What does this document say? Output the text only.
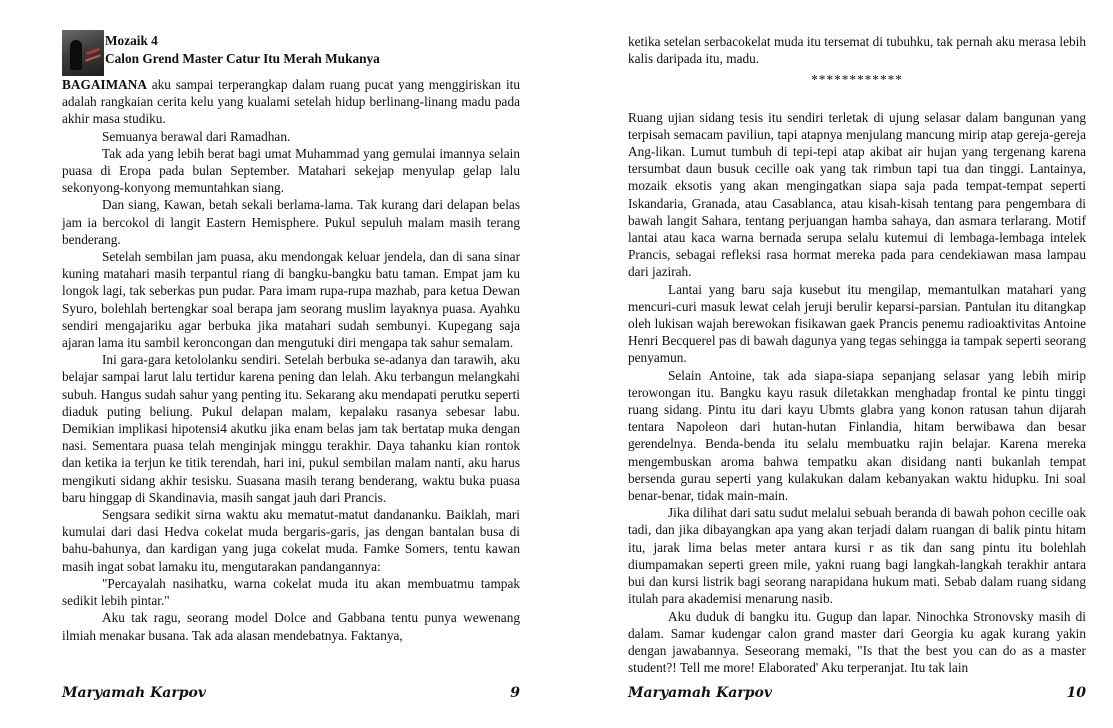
Mozaik 4
Calon Grend Master Catur Itu Merah Mukanya

BAGAIMANA aku sampai terperangkap dalam ruang pucat yang menggiriskan itu adalah rangkaian cerita kelu yang kualami setelah hidup berlinang-linang madu pada akhir masa studiku.

Semuanya berawal dari Ramadhan.

Tak ada yang lebih berat bagi umat Muhammad yang gemulai imannya selain puasa di Eropa pada bulan September. Matahari sekejap menyulap gelap lalu sekonyong-konyong memuntahkan siang.

Dan siang, Kawan, betah sekali berlama-lama. Tak kurang dari delapan belas jam ia bercokol di langit Eastern Hemisphere. Pukul sepuluh malam masih terang benderang.

Setelah sembilan jam puasa, aku mendongak keluar jendela, dan di sana sinar kuning matahari masih terpantul riang di bangku-bangku batu taman. Empat jam ku longok lagi, tak seberkas pun pudar. Para imam rupa-rupa mazhab, para ketua Dewan Syuro, bolehlah bertengkar soal berapa jam seorang muslim layaknya puasa. Ayahku sendiri mengajariku agar berbuka jika matahari sudah sembunyi. Kupegang saja ajaran lama itu sambil keroncongan dan mengutuki diri mengapa tak sahur semalam.

Ini gara-gara ketololanku sendiri. Setelah berbuka se-adanya dan tarawih, aku belajar sampai larut lalu tertidur karena pening dan lelah. Aku terbangun melangkahi subuh. Hangus sudah sahur yang penting itu. Sekarang aku mendapati perutku seperti diaduk puting beliung. Pukul delapan malam, kepalaku rasanya sebesar labu. Demikian implikasi hipotensi4 akutku jika enam belas jam tak bertatap muka dengan nasi. Sementara puasa telah menginjak minggu terakhir. Daya tahanku kian rontok dan ketika ia terjun ke titik terendah, hari ini, pukul sembilan malam nanti, aku harus mengikuti sidang akhir tesisku. Suasana masih terang benderang, waktu buka puasa baru hinggap di Skandinavia, masih sangat jauh dari Prancis.

Sengsara sedikit sirna waktu aku mematut-matut dandananku. Baiklah, mari kumulai dari dasi Hedva cokelat muda bergaris-garis, jas dengan bantalan busa di bahu-bahunya, dan kardigan yang juga cokelat muda. Famke Somers, tentu kawan masih ingat sobat lamaku itu, mengutarakan pandangannya:

"Percayalah nasihatku, warna cokelat muda itu akan membuatmu tampak sedikit lebih pintar."

Aku tak ragu, seorang model Dolce and Gabbana tentu punya wewenang ilmiah menakar busana. Tak ada alasan mendebatnya. Faktanya,

Maryamah Karpov	9

ketika setelan serbacokelat muda itu tersemat di tubuhku, tak pernah aku merasa lebih kalis daripada itu, madu.

************

Ruang ujian sidang tesis itu sendiri terletak di ujung selasar dalam bangunan yang terpisah semacam paviliun, tapi atapnya menjulang mancung mirip atap gereja-gereja Ang-likan. Lumut tumbuh di tepi-tepi atap akibat air hujan yang tergenang karena tersumbat daun busuk cecille oak yang tak rimbun tapi tua dan tinggi. Lantainya, mozaik eksotis yang akan mengingatkan siapa saja pada tempat-tempat seperti Iskandaria, Granada, atau Casablanca, atau kisah-kisah tentang para pengembara di bawah langit Sahara, tentang perjuangan hamba sahaya, dan asmara terlarang. Motif lantai atau kaca warna bernada serupa selalu kutemui di lembaga-lembaga intelek Prancis, sebagai refleksi rasa hormat mereka pada para cendekiawan masa lampau dari jazirah.

Lantai yang baru saja kusebut itu mengilap, memantulkan matahari yang mencuri-curi masuk lewat celah jeruji berulir keparsi-parsian. Pantulan itu ditangkap oleh lukisan wajah berewokan fisikawan gaek Prancis penemu radioaktivitas Antoine Henri Becquerel pas di bawah dagunya yang tegas sehingga ia tampak seperti seorang penyamun.

Selain Antoine, tak ada siapa-siapa sepanjang selasar yang lebih mirip terowongan itu. Bangku kayu rasuk diletakkan menghadap frontal ke pintu tinggi ruang sidang. Pintu itu dari kayu Ubmts glabra yang konon ratusan tahun dijarah tentara Napoleon dari hutan-hutan Finlandia, hitam berwibawa dan besar gerendelnya. Benda-benda itu selalu membuatku rajin belajar. Karena mereka mengembuskan aroma bahwa tempatku akan disidang nanti bukanlah tempat bersenda gurau seperti yang kulakukan dalam kebanyakan waktu hidupku. Ini soal benar-benar, tidak main-main.

Jika dilihat dari satu sudut melalui sebuah beranda di bawah pohon cecille oak tadi, dan jika dibayangkan apa yang akan terjadi dalam ruangan di balik pintu hitam itu, jarak lima belas meter antara kursi r as tik dan sang pintu itu bolehlah diumpamakan seperti green mile, yakni ruang bagi langkah-langkah terakhir antara bui dan kursi listrik bagi seorang narapidana hukum mati. Sebab dalam ruang sidang itulah para akademisi menarung nasib.

Aku duduk di bangku itu. Gugup dan lapar. Ninochka Stronovsky masih di dalam. Samar kudengar calon grand master dari Georgia ku agak kurang yakin dengan jawabannya. Seseorang memaki, "Is that the best you can do as a master student?! Tell me more! Elaborated' Aku terperanjat. Itu tak lain

Maryamah Karpov	10
